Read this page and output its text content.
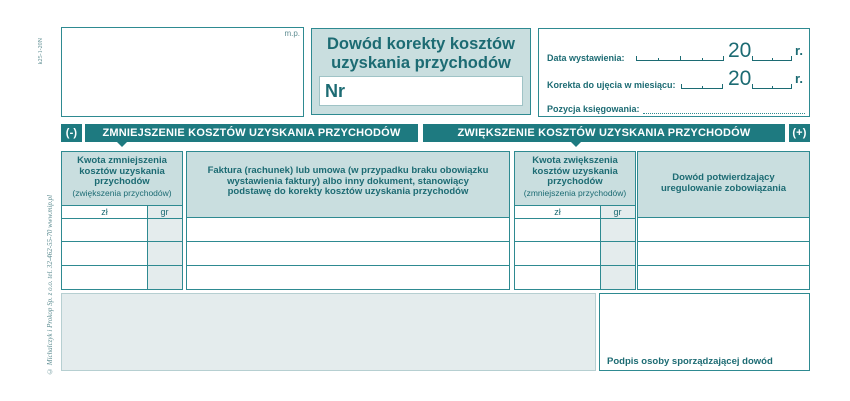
k25-1-20N
© Michalczyk i Prokop Sp. z o.o. tel. 32-462-55-70 www.mip.pl
m.p.
Dowód korekty kosztów
uzyskania przychodów
Nr
Data wystawienia:	20	r.
Korekta do ujęcia w miesiącu: 20	r.
Pozycja księgowania:
(-)	ZMNIEJSZENIE KOSZTÓW UZYSKANIA PRZYCHODÓW	ZWIĘKSZENIE KOSZTÓW UZYSKANIA PRZYCHODÓW	(+)
Kwota zmniejszenia kosztów uzyskania przychodów
(zwiększenia przychodów)
zł	gr
Faktura (rachunek) lub umowa (w przypadku braku obowiązku wystawienia faktury) albo inny dokument, stanowiący podstawę do korekty kosztów uzyskania przychodów
Kwota zwiększenia kosztów uzyskania przychodów
(zmniejszenia przychodów)
zł	gr
Dowód potwierdzający uregulowanie zobowiązania
Podpis osoby sporządzającej dowód
